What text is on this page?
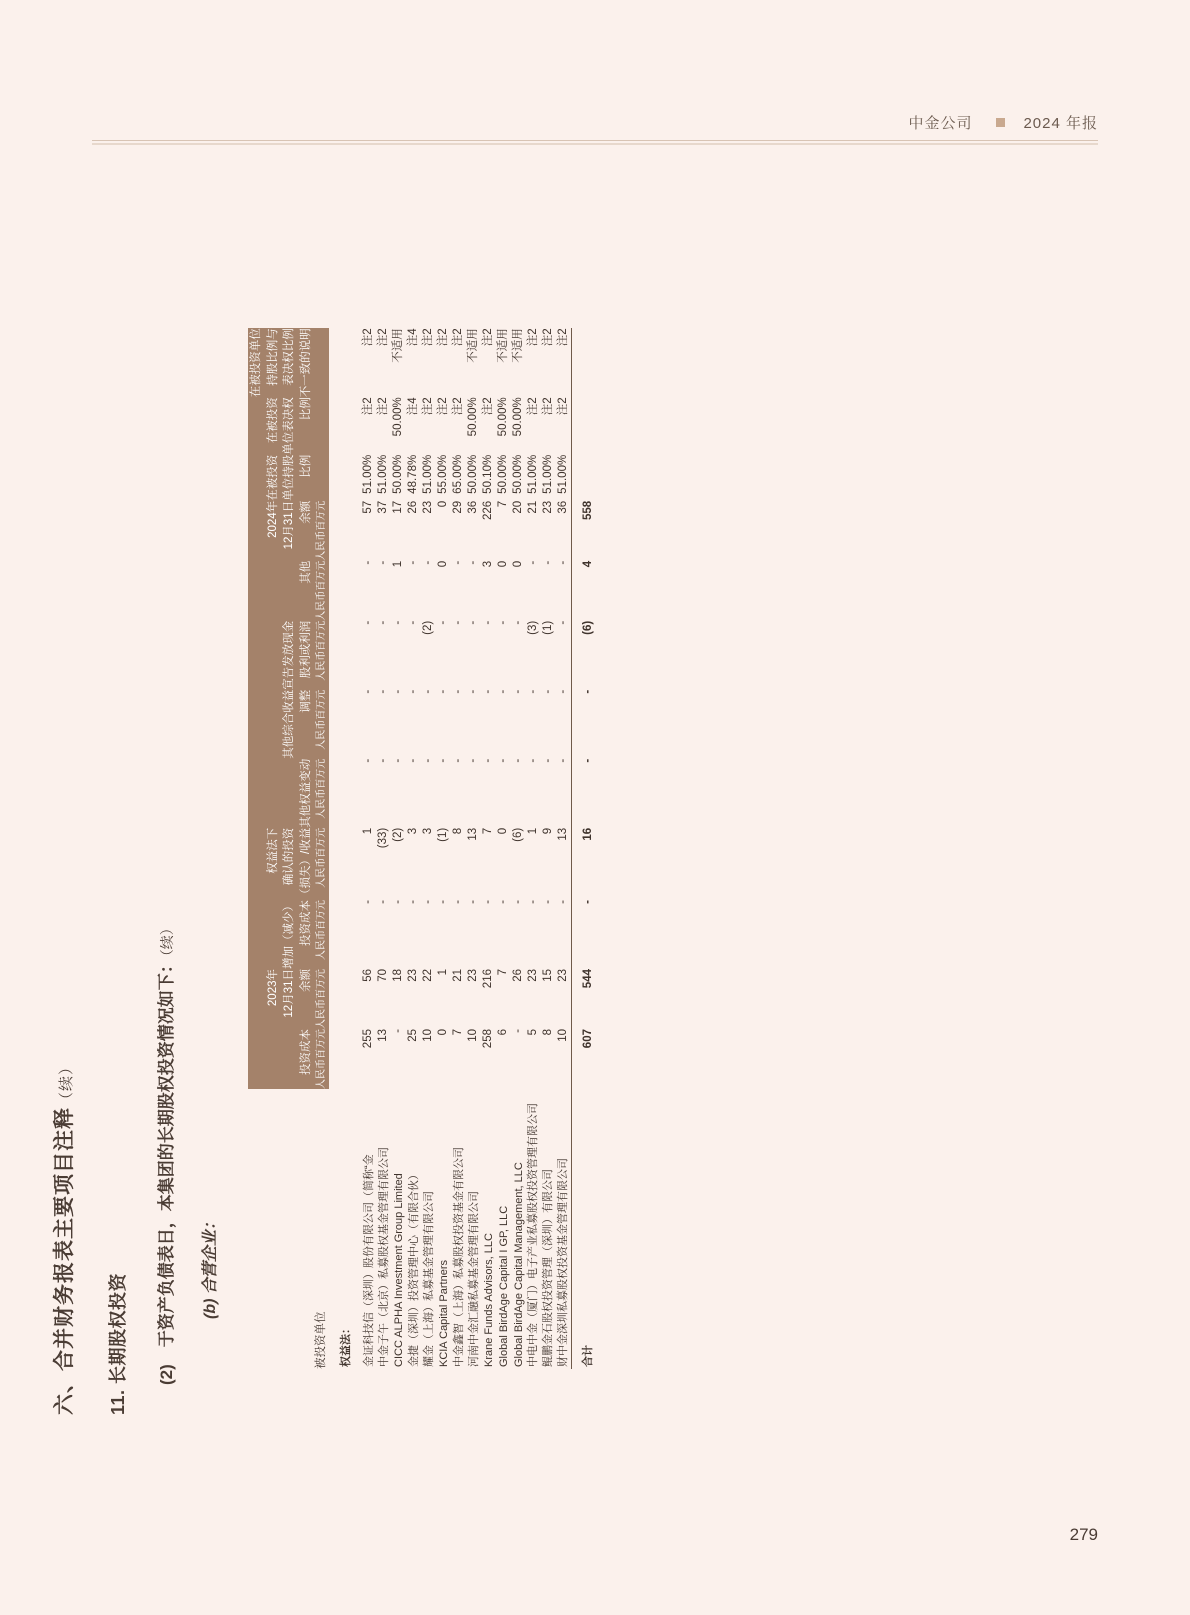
中金公司	2024 年报
六、合并财务报表主要项目注释（续）
11. 长期股权投资 (2)　于资产负债表日，本集团的长期股权投资情况如下：（续）
(b) 合营企业：
被投资单位	投资成本	2023年 12月31日 余额	增加（减少） 投资成本	权益法下 确认的投资 （损失）/收益	其他权益变动	其他综合收益 调整	宣告发放现金 股利或利润	其他	2024年 12月31日 余额	在被投资 单位持股 比例	在被投资 单位表决权 比例	在被投资单位 持股比例与 表决权比例 不一致的说明
	人民币百万元	人民币百万元	人民币百万元	人民币百万元	人民币百万元	人民币百万元	人民币百万元	人民币百万元	人民币百万元			
权益法：												
金证科技信（深圳）股份有限公司（简称“金	255	56	-	1	-	-	-	-	57	51.00%	注2	注2
中金子午（北京）私募股权基金管理有限公司	13	70	-	(33)	-	-	-	-	37	51.00%	注2	注2
CICC ALPHA Investment Group Limited	-	18	-	(2)	-	-	-	1	17	50.00%	50.00%	不适用
金捷（深圳）投资管理中心（有限合伙）	25	23	-	3	-	-	-	-	26	48.78%	注4	注4
耀金（上海）私募基金管理有限公司	10	22	-	3	-	-	(2)	-	23	51.00%	注2	注2
KCIA Capital Partners	0	1	-	(1)	-	-	-	0	0	55.00%	注2	注2
中金鑫智（上海）私募股权投资基金有限公司	7	21	-	8	-	-	-	-	29	65.00%	注2	注2
河南中金汇融私募基金管理有限公司	10	23	-	13	-	-	-	-	36	50.00%	50.00%	不适用
Krane Funds Advisors, LLC	258	216	-	7	-	-	-	3	226	50.10%	注2	注2
Global BirdAge Capital I GP, LLC	6	7	-	0	-	-	-	0	7	50.00%	50.00%	不适用
Global BirdAge Capital Management, LLC	-	26	-	(6)	-	-	-	0	20	50.00%	50.00%	不适用
中电中金（厦门）电子产业私募股权投资管理有限公司	5	23	-	1	-	-	(3)	-	21	51.00%	注2	注2
鲲鹏金石股权投资管理（深圳）有限公司	8	15	-	9	-	-	(1)	-	23	51.00%	注2	注2
财中金深圳私募股权投资基金管理有限公司	10	23	-	13	-	-	-	-	36	51.00%	注2	注2
合计	607	544	-	16	-	-	(6)	4	558			
279
